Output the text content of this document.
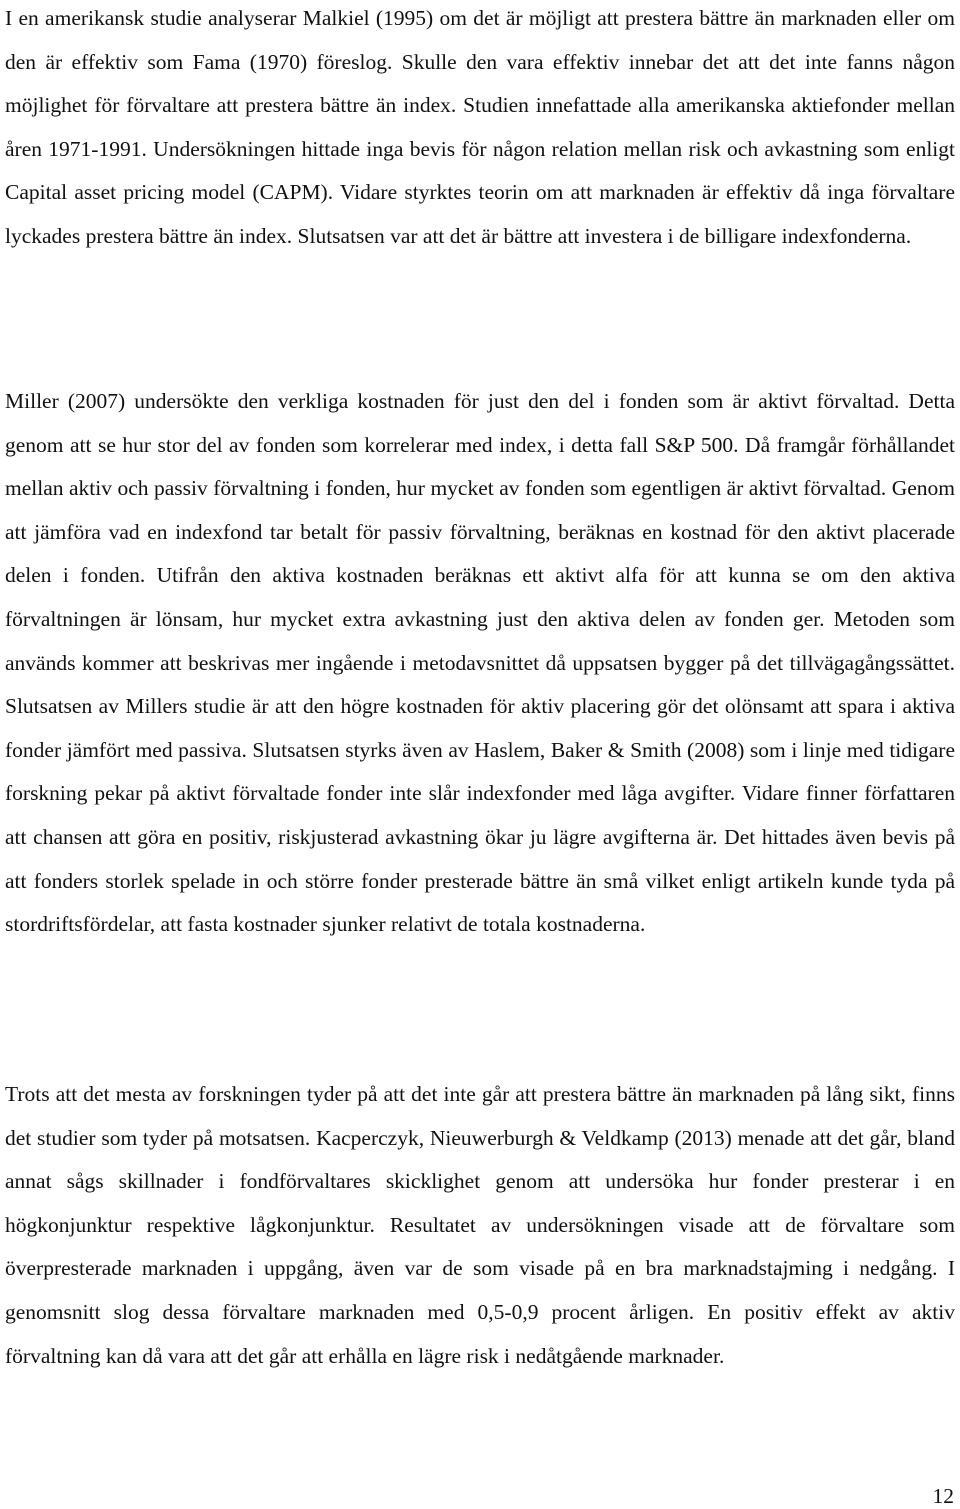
I en amerikansk studie analyserar Malkiel (1995) om det är möjligt att prestera bättre än marknaden eller om den är effektiv som Fama (1970) föreslog. Skulle den vara effektiv innebar det att det inte fanns någon möjlighet för förvaltare att prestera bättre än index. Studien innefattade alla amerikanska aktiefonder mellan åren 1971-1991. Undersökningen hittade inga bevis för någon relation mellan risk och avkastning som enligt Capital asset pricing model (CAPM). Vidare styrktes teorin om att marknaden är effektiv då inga förvaltare lyckades prestera bättre än index. Slutsatsen var att det är bättre att investera i de billigare indexfonderna.

Miller (2007) undersökte den verkliga kostnaden för just den del i fonden som är aktivt förvaltad. Detta genom att se hur stor del av fonden som korrelerar med index, i detta fall S&P 500. Då framgår förhållandet mellan aktiv och passiv förvaltning i fonden, hur mycket av fonden som egentligen är aktivt förvaltad. Genom att jämföra vad en indexfond tar betalt för passiv förvaltning, beräknas en kostnad för den aktivt placerade delen i fonden. Utifrån den aktiva kostnaden beräknas ett aktivt alfa för att kunna se om den aktiva förvaltningen är lönsam, hur mycket extra avkastning just den aktiva delen av fonden ger. Metoden som används kommer att beskrivas mer ingående i metodavsnittet då uppsatsen bygger på det tillvägagångssättet. Slutsatsen av Millers studie är att den högre kostnaden för aktiv placering gör det olönsamt att spara i aktiva fonder jämfört med passiva. Slutsatsen styrks även av Haslem, Baker & Smith (2008) som i linje med tidigare forskning pekar på aktivt förvaltade fonder inte slår indexfonder med låga avgifter. Vidare finner författaren att chansen att göra en positiv, riskjusterad avkastning ökar ju lägre avgifterna är. Det hittades även bevis på att fonders storlek spelade in och större fonder presterade bättre än små vilket enligt artikeln kunde tyda på stordriftsfördelar, att fasta kostnader sjunker relativt de totala kostnaderna.

Trots att det mesta av forskningen tyder på att det inte går att prestera bättre än marknaden på lång sikt, finns det studier som tyder på motsatsen. Kacperczyk, Nieuwerburgh & Veldkamp (2013) menade att det går, bland annat sågs skillnader i fondförvaltares skicklighet genom att undersöka hur fonder presterar i en högkonjunktur respektive lågkonjunktur. Resultatet av undersökningen visade att de förvaltare som överpresterade marknaden i uppgång, även var de som visade på en bra marknadstajming i nedgång. I genomsnitt slog dessa förvaltare marknaden med 0,5-0,9 procent årligen. En positiv effekt av aktiv förvaltning kan då vara att det går att erhålla en lägre risk i nedåtgående marknader.

12
